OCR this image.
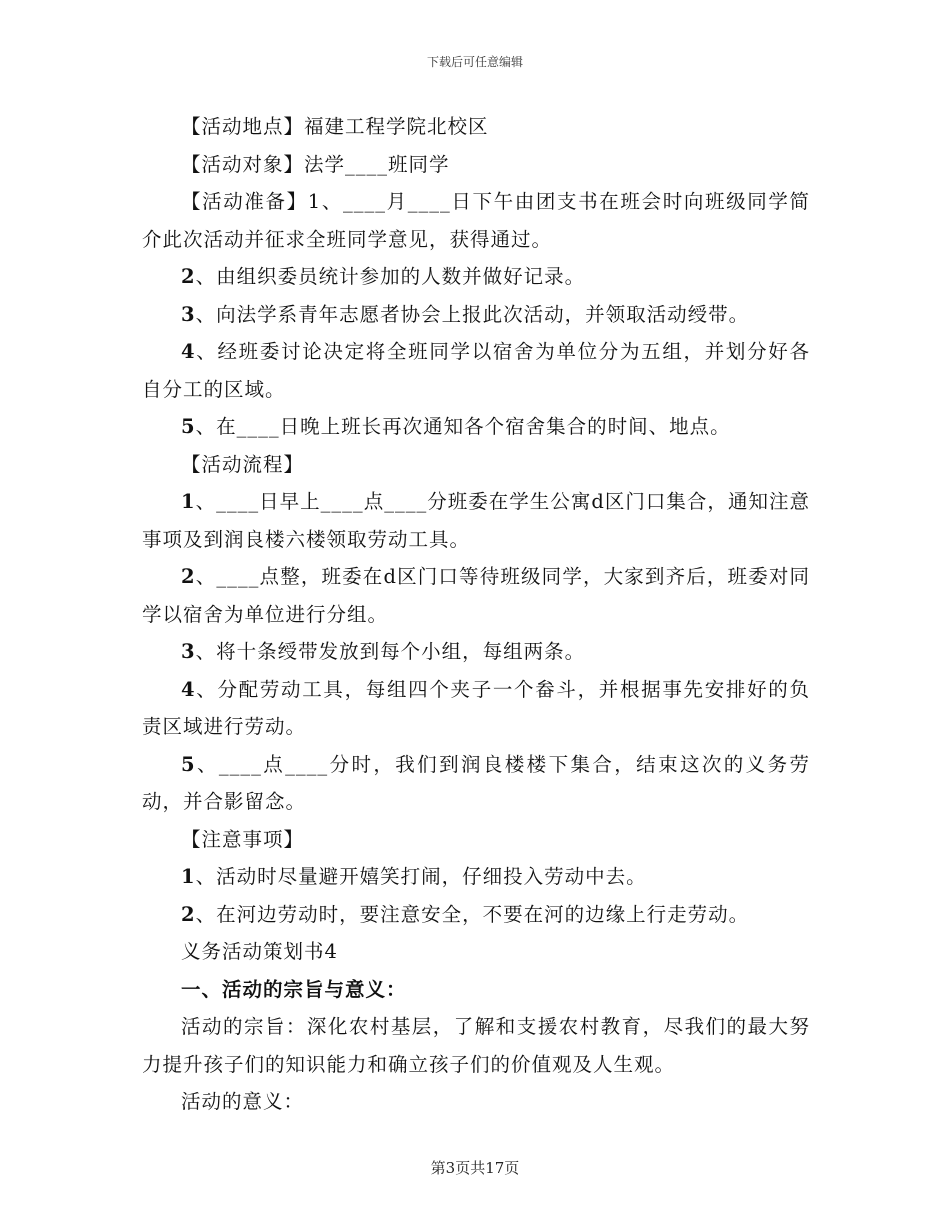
下载后可任意编辑

【活动地点】福建工程学院北校区

【活动对象】法学____班同学

【活动准备】1、____月____日下午由团支书在班会时向班级同学简介此次活动并征求全班同学意见，获得通过。

2、由组织委员统计参加的人数并做好记录。

3、向法学系青年志愿者协会上报此次活动，并领取活动绶带。

4、经班委讨论决定将全班同学以宿舍为单位分为五组，并划分好各自分工的区域。

5、在____日晚上班长再次通知各个宿舍集合的时间、地点。

【活动流程】

1、____日早上____点____分班委在学生公寓d区门口集合，通知注意事项及到润良楼六楼领取劳动工具。

2、____点整，班委在d区门口等待班级同学，大家到齐后，班委对同学以宿舍为单位进行分组。

3、将十条绶带发放到每个小组，每组两条。

4、分配劳动工具，每组四个夹子一个畚斗，并根据事先安排好的负责区域进行劳动。

5、____点____分时，我们到润良楼楼下集合，结束这次的义务劳动，并合影留念。

【注意事项】

1、活动时尽量避开嬉笑打闹，仔细投入劳动中去。

2、在河边劳动时，要注意安全，不要在河的边缘上行走劳动。

义务活动策划书4

一、活动的宗旨与意义：

活动的宗旨：深化农村基层，了解和支援农村教育，尽我们的最大努力提升孩子们的知识能力和确立孩子们的价值观及人生观。

活动的意义：

第3页共17页
